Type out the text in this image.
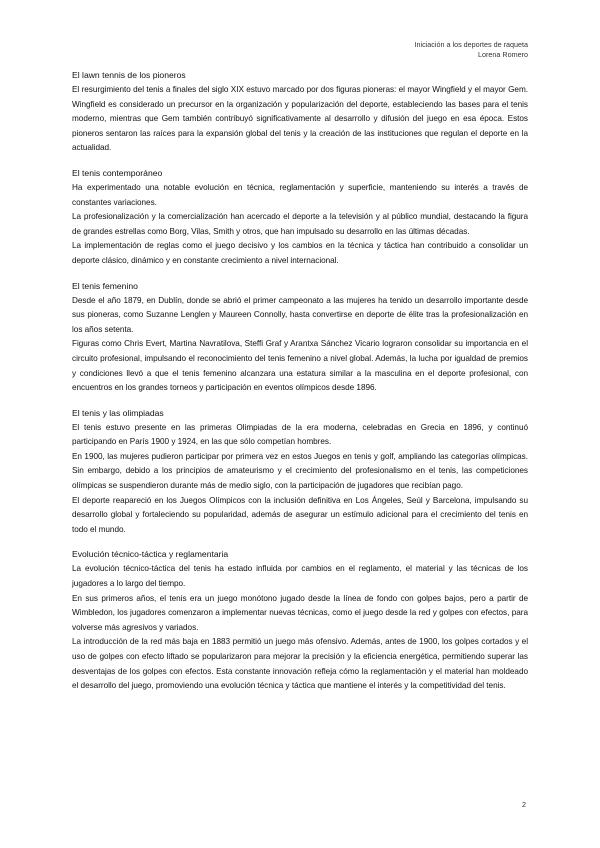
Iniciación a los deportes de raqueta
Lorena Romero
El lawn tennis de los pioneros

El resurgimiento del tenis a finales del siglo XIX estuvo marcado por dos figuras pioneras: el mayor Wingfield y el mayor Gem. Wingfield es considerado un precursor en la organización y popularización del deporte, estableciendo las bases para el tenis moderno, mientras que Gem también contribuyó significativamente al desarrollo y difusión del juego en esa época. Estos pioneros sentaron las raíces para la expansión global del tenis y la creación de las instituciones que regulan el deporte en la actualidad.

El tenis contemporáneo

Ha experimentado una notable evolución en técnica, reglamentación y superficie, manteniendo su interés a través de constantes variaciones.

La profesionalización y la comercialización han acercado el deporte a la televisión y al público mundial, destacando la figura de grandes estrellas como Borg, Vilas, Smith y otros, que han impulsado su desarrollo en las últimas décadas.

La implementación de reglas como el juego decisivo y los cambios en la técnica y táctica han contribuido a consolidar un deporte clásico, dinámico y en constante crecimiento a nivel internacional.

El tenis femenino

Desde el año 1879, en Dublín, donde se abrió el primer campeonato a las mujeres ha tenido un desarrollo importante desde sus pioneras, como Suzanne Lenglen y Maureen Connolly, hasta convertirse en deporte de élite tras la profesionalización en los años setenta.

Figuras como Chris Evert, Martina Navratilova, Steffi Graf y Arantxa Sánchez Vicario lograron consolidar su importancia en el circuito profesional, impulsando el reconocimiento del tenis femenino a nivel global. Además, la lucha por igualdad de premios y condiciones llevó a que el tenis femenino alcanzara una estatura similar a la masculina en el deporte profesional, con encuentros en los grandes torneos y participación en eventos olímpicos desde 1896.

El tenis y las olimpiadas

El tenis estuvo presente en las primeras Olimpiadas de la era moderna, celebradas en Grecia en 1896, y continuó participando en París 1900 y 1924, en las que sólo competían hombres.

En 1900, las mujeres pudieron participar por primera vez en estos Juegos en tenis y golf, ampliando las categorías olímpicas. Sin embargo, debido a los principios de amateurismo y el crecimiento del profesionalismo en el tenis, las competiciones olímpicas se suspendieron durante más de medio siglo, con la participación de jugadores que recibían pago.

El deporte reapareció en los Juegos Olímpicos con la inclusión definitiva en Los Ángeles, Seúl y Barcelona, impulsando su desarrollo global y fortaleciendo su popularidad, además de asegurar un estímulo adicional para el crecimiento del tenis en todo el mundo.

Evolución técnico-táctica y reglamentaria

La evolución técnico-táctica del tenis ha estado influida por cambios en el reglamento, el material y las técnicas de los jugadores a lo largo del tiempo.

En sus primeros años, el tenis era un juego monótono jugado desde la línea de fondo con golpes bajos, pero a partir de Wimbledon, los jugadores comenzaron a implementar nuevas técnicas, como el juego desde la red y golpes con efectos, para volverse más agresivos y variados.

La introducción de la red más baja en 1883 permitió un juego más ofensivo. Además, antes de 1900, los golpes cortados y el uso de golpes con efecto liftado se popularizaron para mejorar la precisión y la eficiencia energética, permitiendo superar las desventajas de los golpes con efectos. Esta constante innovación refleja cómo la reglamentación y el material han moldeado el desarrollo del juego, promoviendo una evolución técnica y táctica que mantiene el interés y la competitividad del tenis.

2
